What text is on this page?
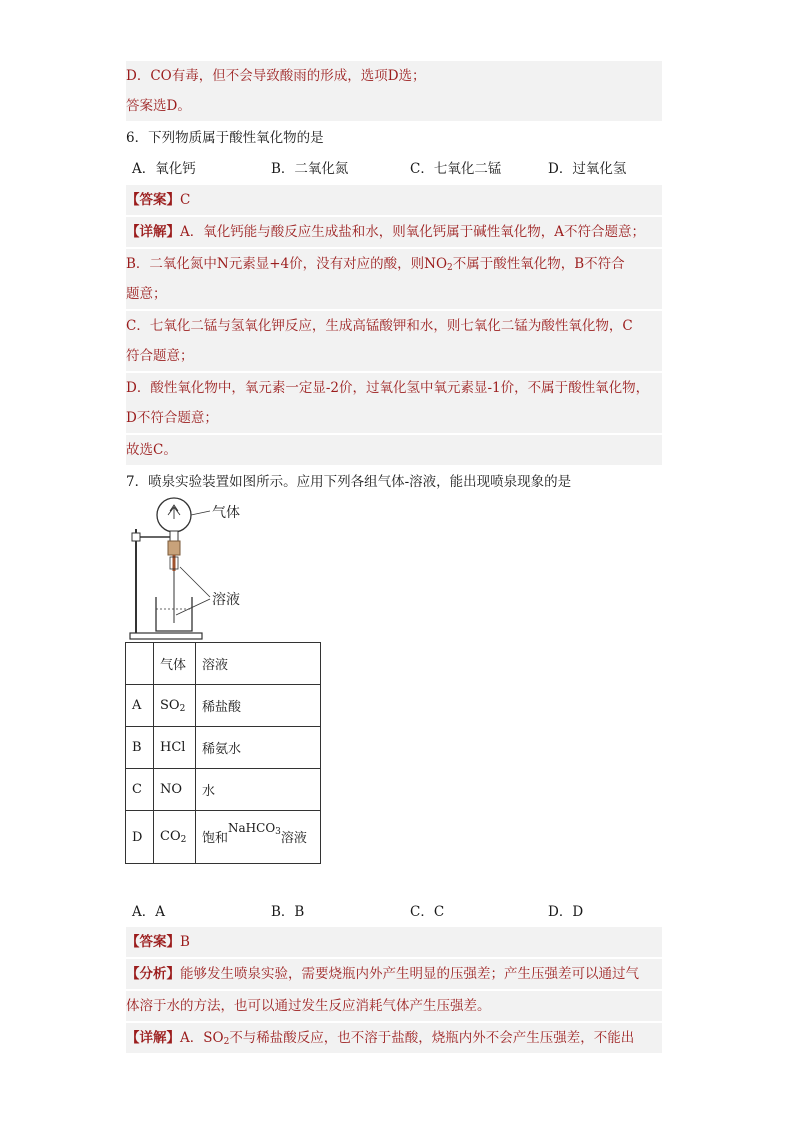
D．CO有毒，但不会导致酸雨的形成，选项D选；
答案选D。
6．下列物质属于酸性氧化物的是
A．氧化钙	B．二氧化氮	C．七氧化二锰	D．过氧化氢
【答案】C
【详解】A．氧化钙能与酸反应生成盐和水，则氧化钙属于碱性氧化物，A不符合题意；
B．二氧化氮中N元素显+4价，没有对应的酸，则$NO_2$不属于酸性氧化物，B不符合
题意；
C．七氧化二锰与氢氧化钾反应，生成高锰酸钾和水，则七氧化二锰为酸性氧化物，C
符合题意；
D．酸性氧化物中，氧元素一定显-2价，过氧化氢中氧元素显-1价，不属于酸性氧化物，
D不符合题意；
故选C。
7．喷泉实验装置如图所示。应用下列各组气体-溶液，能出现喷泉现象的是
气体
溶液
	气体	溶液
A	$SO_2$	稀盐酸
B	HCl	稀氨水
C	NO	水
D	$CO_2$	饱和NaHCO$_3$溶液
A．A	B．B	C．C	D．D
【答案】B
【分析】能够发生喷泉实验，需要烧瓶内外产生明显的压强差；产生压强差可以通过气
体溶于水的方法，也可以通过发生反应消耗气体产生压强差。
【详解】A．$SO_2$不与稀盐酸反应，也不溶于盐酸，烧瓶内外不会产生压强差，不能出
